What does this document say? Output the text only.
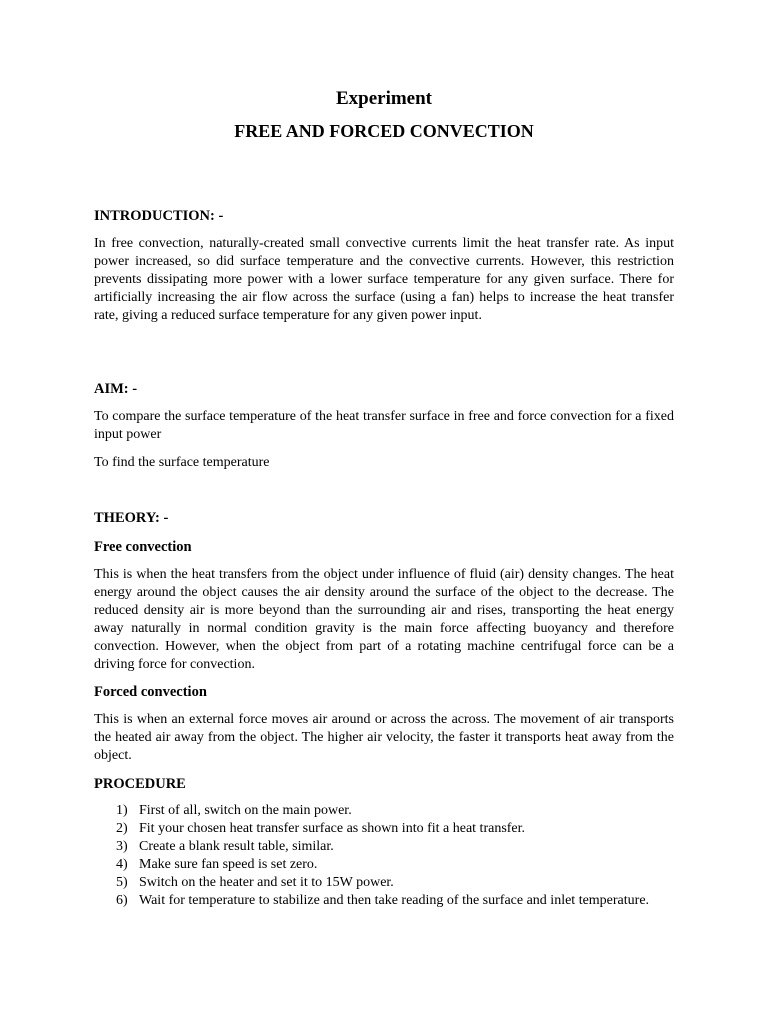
Experiment
FREE AND FORCED CONVECTION
INTRODUCTION: -

In free convection, naturally-created small convective currents limit the heat transfer rate. As input power increased, so did surface temperature and the convective currents. However, this restriction prevents dissipating more power with a lower surface temperature for any given surface. There for artificially increasing the air flow across the surface (using a fan) helps to increase the heat transfer rate, giving a reduced surface temperature for any given power input.

AIM: -

To compare the surface temperature of the heat transfer surface in free and force convection for a fixed input power

To find the surface temperature

THEORY: -
Free convection

This is when the heat transfers from the object under influence of fluid (air) density changes. The heat energy around the object causes the air density around the surface of the object to the decrease. The reduced density air is more beyond than the surrounding air and rises, transporting the heat energy away naturally in normal condition gravity is the main force affecting buoyancy and therefore convection. However, when the object from part of a rotating machine centrifugal force can be a driving force for convection.

Forced convection

This is when an external force moves air around or across the across. The movement of air transports the heated air away from the object. The higher air velocity, the faster it transports heat away from the object.

PROCEDURE
1) First of all, switch on the main power.
2) Fit your chosen heat transfer surface as shown into fit a heat transfer.
3) Create a blank result table, similar.
4) Make sure fan speed is set zero.
5) Switch on the heater and set it to 15W power.
6) Wait for temperature to stabilize and then take reading of the surface and inlet temperature.
